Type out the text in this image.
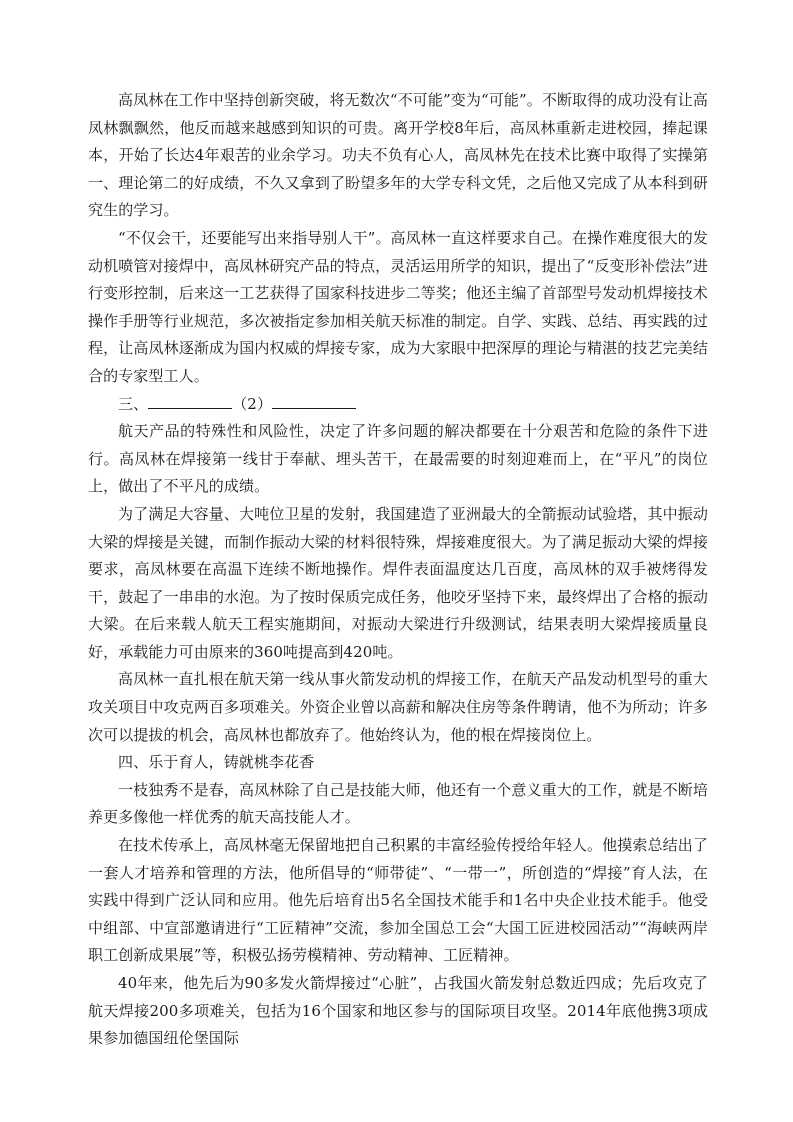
高凤林在工作中坚持创新突破，将无数次“不可能”变为“可能”。不断取得的成功没有让高凤林飘飘然，他反而越来越感到知识的可贵。离开学校8年后，高凤林重新走进校园，捧起课本，开始了长达4年艰苦的业余学习。功夫不负有心人，高凤林先在技术比赛中取得了实操第一、理论第二的好成绩，不久又拿到了盼望多年的大学专科文凭，之后他又完成了从本科到研究生的学习。

“不仅会干，还要能写出来指导别人干”。高凤林一直这样要求自己。在操作难度很大的发动机喷管对接焊中，高凤林研究产品的特点，灵活运用所学的知识，提出了“反变形补偿法”进行变形控制，后来这一工艺获得了国家科技进步二等奖；他还主编了首部型号发动机焊接技术操作手册等行业规范，多次被指定参加相关航天标准的制定。自学、实践、总结、再实践的过程，让高凤林逐渐成为国内权威的焊接专家，成为大家眼中把深厚的理论与精湛的技艺完美结合的专家型工人。

三、	（2）

航天产品的特殊性和风险性，决定了许多问题的解决都要在十分艰苦和危险的条件下进行。高凤林在焊接第一线甘于奉献、埋头苦干，在最需要的时刻迎难而上，在“平凡”的岗位上，做出了不平凡的成绩。

为了满足大容量、大吨位卫星的发射，我国建造了亚洲最大的全箭振动试验塔，其中振动大梁的焊接是关键，而制作振动大梁的材料很特殊，焊接难度很大。为了满足振动大梁的焊接要求，高凤林要在高温下连续不断地操作。焊件表面温度达几百度，高凤林的双手被烤得发干，鼓起了一串串的水泡。为了按时保质完成任务，他咬牙坚持下来，最终焊出了合格的振动大梁。在后来载人航天工程实施期间，对振动大梁进行升级测试，结果表明大梁焊接质量良好，承载能力可由原来的360吨提高到420吨。

高凤林一直扎根在航天第一线从事火箭发动机的焊接工作，在航天产品发动机型号的重大攻关项目中攻克两百多项难关。外资企业曾以高薪和解决住房等条件聘请，他不为所动；许多次可以提拔的机会，高凤林也都放弃了。他始终认为，他的根在焊接岗位上。

四、乐于育人，铸就桃李花香

一枝独秀不是春，高凤林除了自己是技能大师，他还有一个意义重大的工作，就是不断培养更多像他一样优秀的航天高技能人才。

在技术传承上，高凤林毫无保留地把自己积累的丰富经验传授给年轻人。他摸索总结出了一套人才培养和管理的方法，他所倡导的“师带徒”、“一带一”，所创造的“焊接”育人法，在实践中得到广泛认同和应用。他先后培育出5名全国技术能手和1名中央企业技术能手。他受中组部、中宣部邀请进行“工匠精神”交流，参加全国总工会“大国工匠进校园活动”“海峡两岸职工创新成果展”等，积极弘扬劳模精神、劳动精神、工匠精神。

40年来，他先后为90多发火箭焊接过“心脏”，占我国火箭发射总数近四成；先后攻克了航天焊接200多项难关，包括为16个国家和地区参与的国际项目攻坚。2014年底他携3项成果参加德国纽伦堡国际
